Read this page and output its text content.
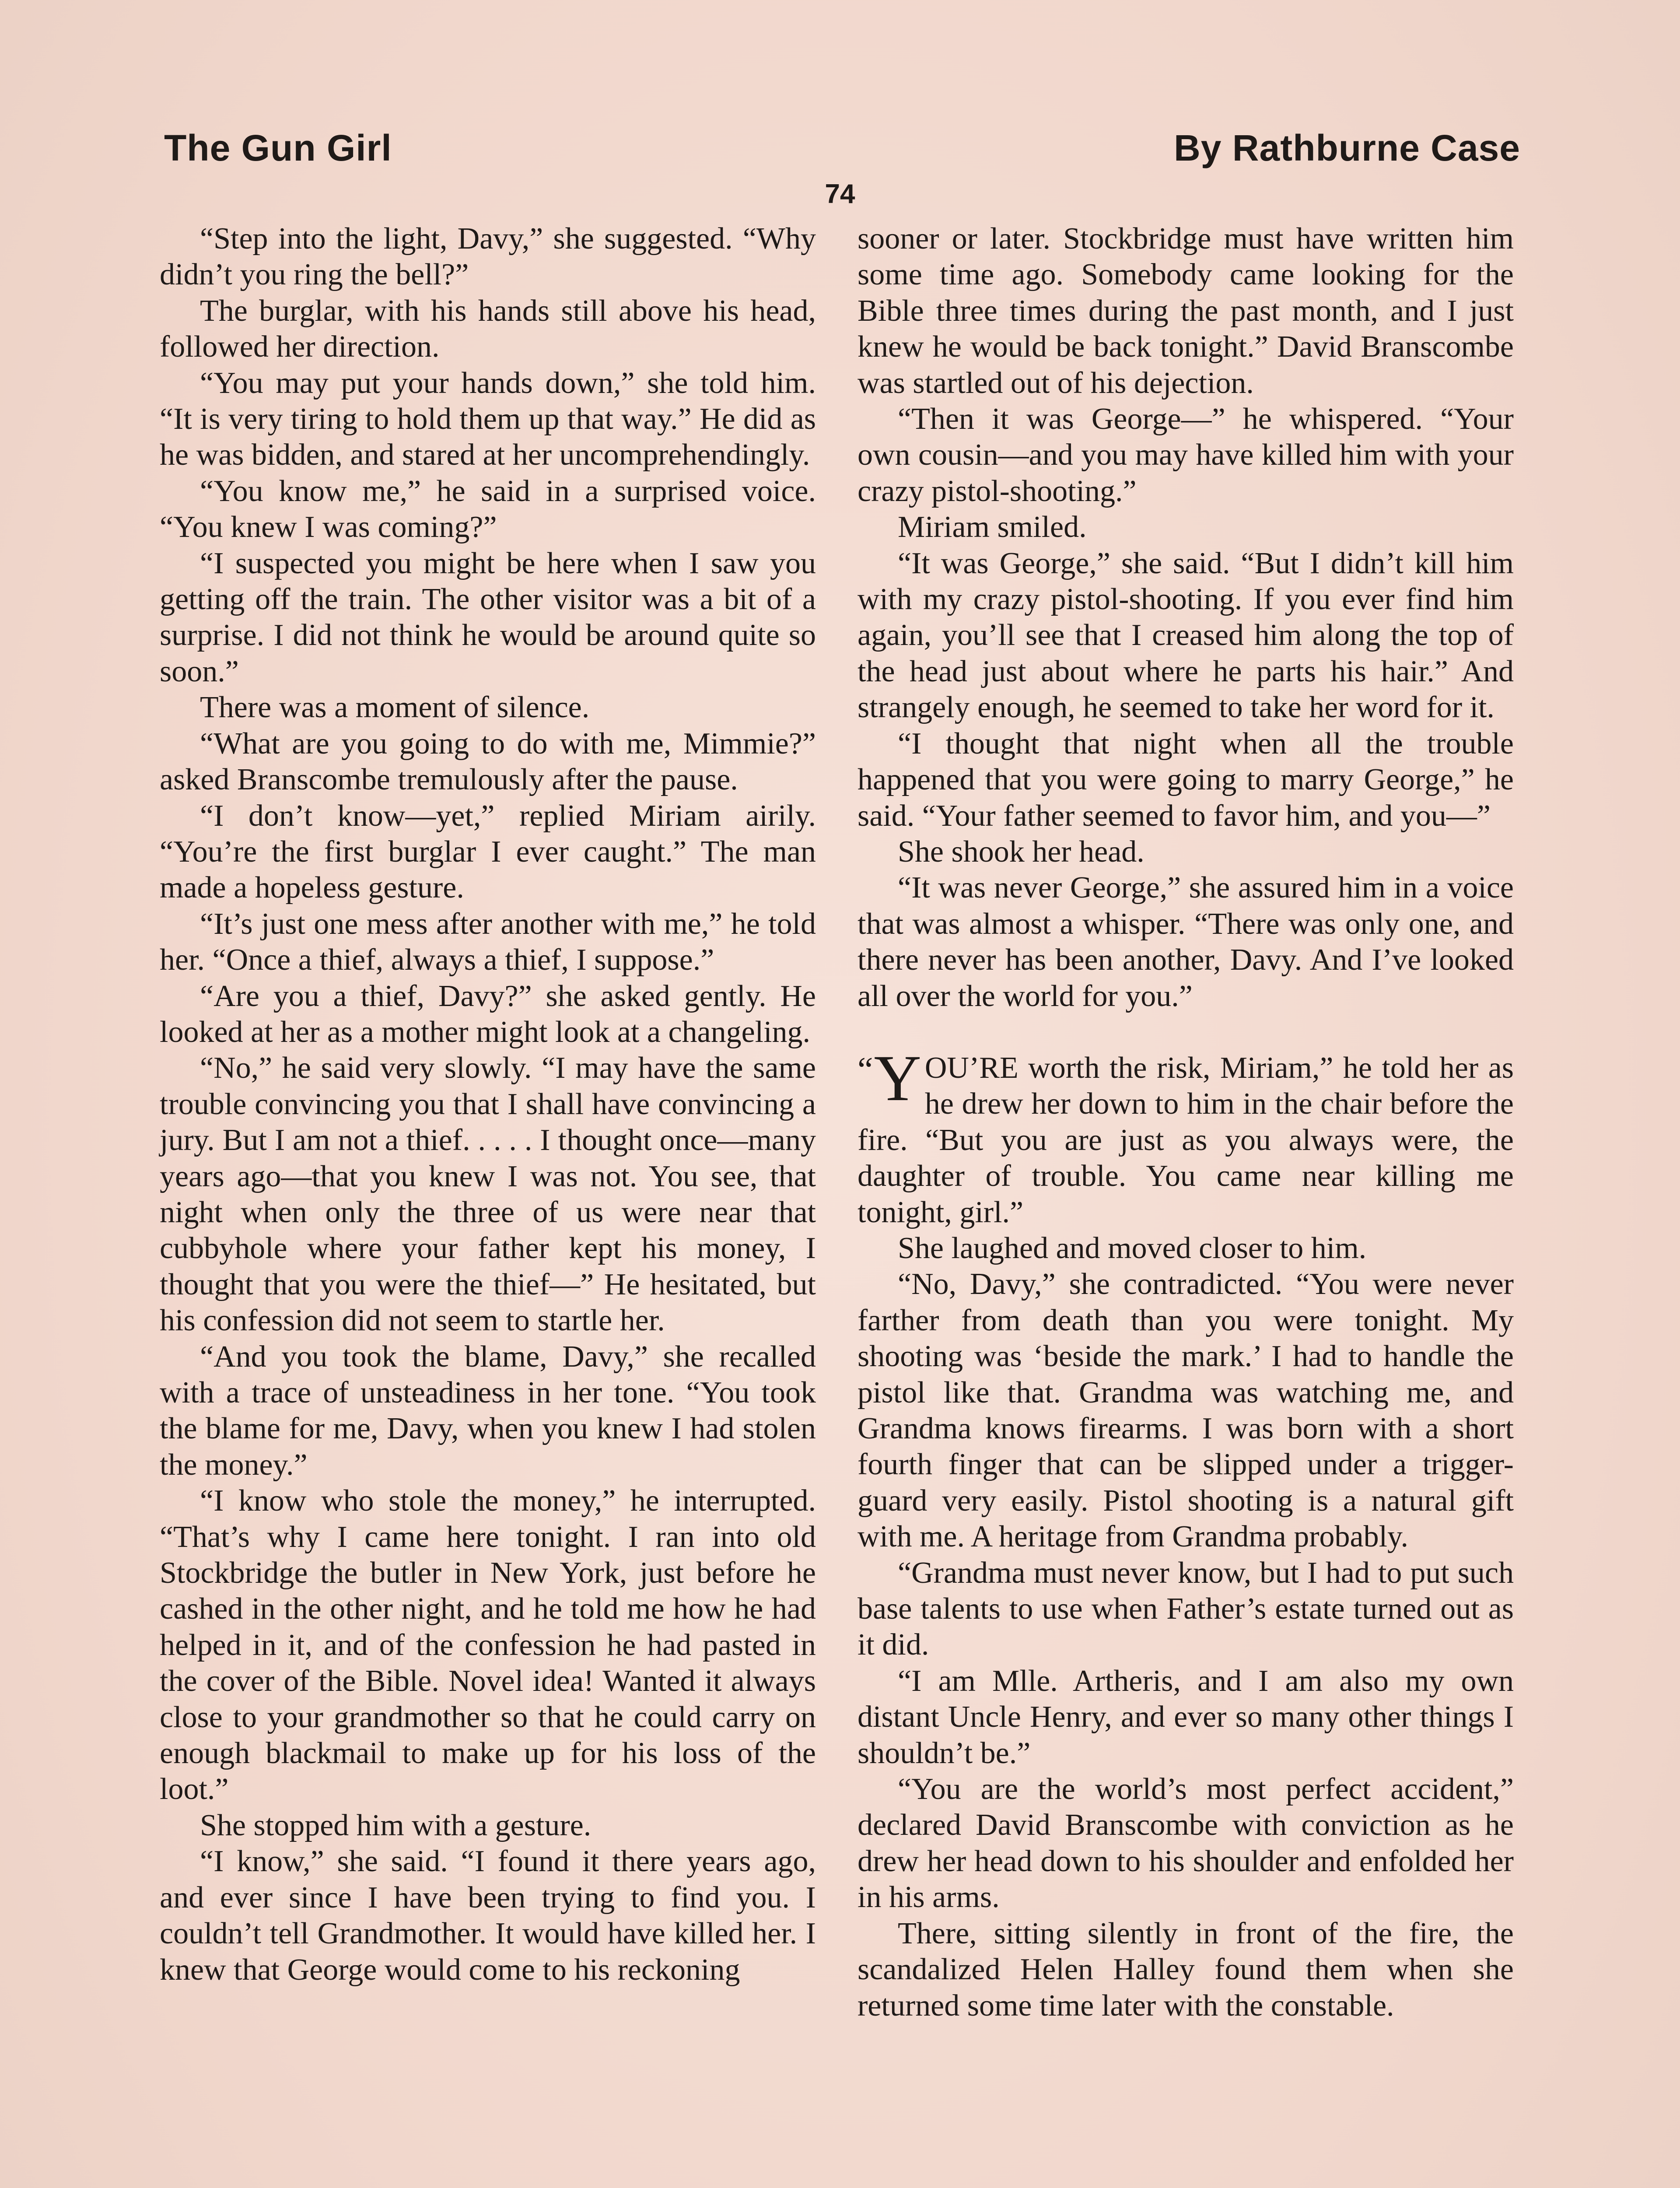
The Gun Girl	By Rathburne Case
74

“Step into the light, Davy,” she suggested. “Why didn’t you ring the bell?”

The burglar, with his hands still above his head, followed her direction.

“You may put your hands down,” she told him. “It is very tiring to hold them up that way.” He did as he was bidden, and stared at her uncomprehendingly.

“You know me,” he said in a surprised voice. “You knew I was coming?”

“I suspected you might be here when I saw you getting off the train. The other visitor was a bit of a surprise. I did not think he would be around quite so soon.”

There was a moment of silence.

“What are you going to do with me, Mimmie?” asked Branscombe tremulously after the pause.

“I don’t know—yet,” replied Miriam airily. “You’re the first burglar I ever caught.” The man made a hopeless gesture.

“It’s just one mess after another with me,” he told her. “Once a thief, always a thief, I suppose.”

“Are you a thief, Davy?” she asked gently. He looked at her as a mother might look at a changeling.

“No,” he said very slowly. “I may have the same trouble convincing you that I shall have convincing a jury. But I am not a thief. . . . . I thought once—many years ago—that you knew I was not. You see, that night when only the three of us were near that cubbyhole where your father kept his money, I thought that you were the thief—” He hesitated, but his confession did not seem to startle her.

“And you took the blame, Davy,” she recalled with a trace of unsteadiness in her tone. “You took the blame for me, Davy, when you knew I had stolen the money.”

“I know who stole the money,” he interrupted. “That’s why I came here tonight. I ran into old Stockbridge the butler in New York, just before he cashed in the other night, and he told me how he had helped in it, and of the confession he had pasted in the cover of the Bible. Novel idea! Wanted it always close to your grandmother so that he could carry on enough blackmail to make up for his loss of the loot.”

She stopped him with a gesture.

“I know,” she said. “I found it there years ago, and ever since I have been trying to find you. I couldn’t tell Grandmother. It would have killed her. I knew that George would come to his reckoning

sooner or later. Stockbridge must have written him some time ago. Somebody came looking for the Bible three times during the past month, and I just knew he would be back tonight.” David Branscombe was startled out of his dejection.

“Then it was George—” he whispered. “Your own cousin—and you may have killed him with your crazy pistol-shooting.”

Miriam smiled.

“It was George,” she said. “But I didn’t kill him with my crazy pistol-shooting. If you ever find him again, you’ll see that I creased him along the top of the head just about where he parts his hair.” And strangely enough, he seemed to take her word for it.

“I thought that night when all the trouble happened that you were going to marry George,” he said. “Your father seemed to favor him, and you—”

She shook her head.

“It was never George,” she assured him in a voice that was almost a whisper. “There was only one, and there never has been another, Davy. And I’ve looked all over the world for you.”

“ Y OU’RE worth the risk, Miriam,” he told her as he drew her down to him in the chair before the fire. “But you are just as you always were, the daughter of trouble. You came near killing me tonight, girl.”

She laughed and moved closer to him.

“No, Davy,” she contradicted. “You were never farther from death than you were tonight. My shooting was ‘beside the mark.’ I had to handle the pistol like that. Grandma was watching me, and Grandma knows firearms. I was born with a short fourth finger that can be slipped under a trigger-guard very easily. Pistol shooting is a natural gift with me. A heritage from Grandma probably.

“Grandma must never know, but I had to put such base talents to use when Father’s estate turned out as it did.

“I am Mlle. Artheris, and I am also my own distant Uncle Henry, and ever so many other things I shouldn’t be.”

“You are the world’s most perfect accident,” declared David Branscombe with conviction as he drew her head down to his shoulder and enfolded her in his arms.

There, sitting silently in front of the fire, the scandalized Helen Halley found them when she returned some time later with the constable.
